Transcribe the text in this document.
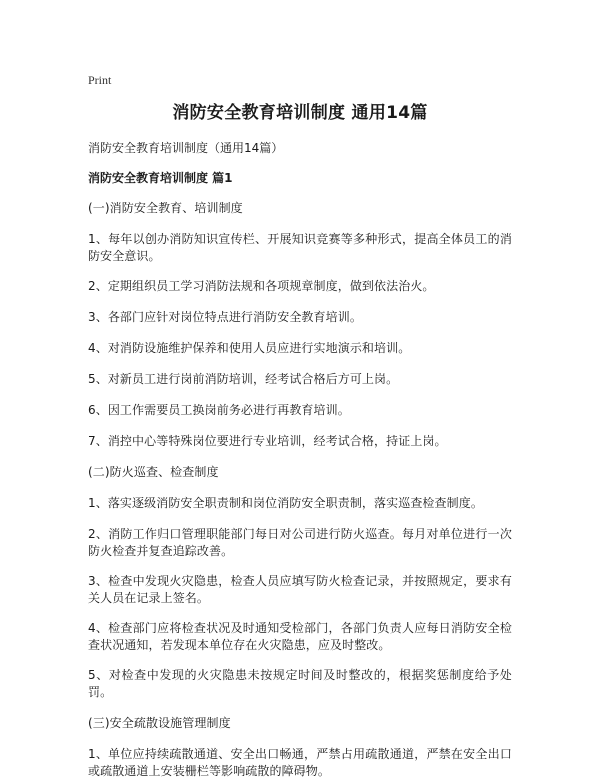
Print
消防安全教育培训制度 通用14篇
消防安全教育培训制度（通用14篇）
消防安全教育培训制度 篇1
(一)消防安全教育、培训制度
1、每年以创办消防知识宣传栏、开展知识竞赛等多种形式，提高全体员工的消防安全意识。
2、定期组织员工学习消防法规和各项规章制度，做到依法治火。
3、各部门应针对岗位特点进行消防安全教育培训。
4、对消防设施维护保养和使用人员应进行实地演示和培训。
5、对新员工进行岗前消防培训，经考试合格后方可上岗。
6、因工作需要员工换岗前务必进行再教育培训。
7、消控中心等特殊岗位要进行专业培训，经考试合格，持证上岗。
(二)防火巡查、检查制度
1、落实逐级消防安全职责制和岗位消防安全职责制，落实巡查检查制度。
2、消防工作归口管理职能部门每日对公司进行防火巡查。每月对单位进行一次防火检查并复查追踪改善。
3、检查中发现火灾隐患，检查人员应填写防火检查记录，并按照规定，要求有关人员在记录上签名。
4、检查部门应将检查状况及时通知受检部门，各部门负责人应每日消防安全检查状况通知，若发现本单位存在火灾隐患，应及时整改。
5、对检查中发现的火灾隐患未按规定时间及时整改的，根据奖惩制度给予处罚。
(三)安全疏散设施管理制度
1、单位应持续疏散通道、安全出口畅通，严禁占用疏散通道，严禁在安全出口或疏散通道上安装栅栏等影响疏散的障碍物。
